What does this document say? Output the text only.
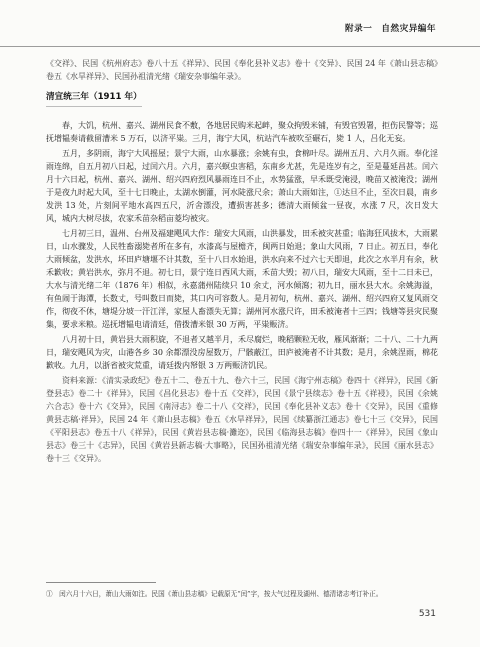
附录一　自然灾异编年

《交祥》、民国《杭州府志》卷八十五《祥异》、民国《奉化县补义志》卷十《交异》、民国 24 年《萧山县志稿》卷五《水旱祥异》、民国孙祖清光绪《瑞安杂事编年录》。

清宣统三年（1911 年）

春，大饥，杭州、嘉兴、湖州民食不敷，各地居民购米起衅，聚众拘毁米铺，有毁官毁署，拒伤民警等；巡抚增韫奏请截留漕米 5 万石，以济平粜。三月，海宁大风，杭站汽车被吹至碾石，毙 1 人，吕化无妄。

五月，多阴雨，海宁大风摇屋；景宁大雨，山水暴涨；余姚有虫，食棉叶尽。湖州五月、六月久雨。奉化淫雨连绵，自五月初八日起，过闰六月。六月，嘉兴螟虫害稻，东南乡尤甚，先是连岁有之，至是蔓延昌甚。闰六月十六日起，杭州、嘉兴、湖州、绍兴四府烈风暴雨连日不止，水势猛涨，早禾既受淹浸，晚苗又被淹没；湖州于是夜九时起大风，至十七日晚止，太湖水倒灌，河水陡涨尺余；萧山大雨如注，①达旦不止，至次日晨，南乡发洪 13 处，片刻间平地水高四五尺，沂舍漂没，遭损害甚多；德清大雨倾盆一昼夜，水涨 7 尺，次日发大风，城内大树尽拔，农家禾苗杂稻亩菱均被灾。

七月初三日，温州、台州及福建飓风大作：瑞安大风雨，山洪暴发，田禾被灾甚重；临海狂风拔木，大雨累日，山水骤发，人民牲畜溺毙者所在多有，水漆高与屋檐齐，闽两日始退；象山大风雨，7 日止。初五日，奉化大雨倾盆，发洪水，坏田庐塘堰不计其数，至十八日水始退，洪水向来不过六七天即退，此次之水半月有余，秋禾歉收；黄岩洪水，弥月不退。初七日，景宁连日西风大雨，禾苗大毁；初八日，瑞安大风雨，至十二日未已，大水与清光绪二年（1876 年）相似，永嘉蒲州陆续只 10 余丈，河水倾瀉；初九日，丽水县大水。余姚海溢，有鱼闹于海潭，长数丈，号叫数日而毙，其口内可容数人。是月初旬，杭州、嘉兴、湖州、绍兴四府又复风雨交作，彻夜不休，塘堤分坡一汗江洋，家屋人畜漂失无算；湖州河水涨尺许，田禾被淹者十三四；钱塘等县灾民聚集，要求米粮。巡抚增韫电请清廷，借拨漕米银 30 万两，平粜赈济。

八月初十日，黄岩县大雨积旋，不退者又越半月，禾尽腐烂，晚稻颗粒无收，雁风渐渐；二十八、二十九两日，瑞安飓风为灾，山港各乡 30 余都漂没房屋数万，尸骸蔽江，田庐被淹者不计其数；是月，余姚涅雨，棉花歉收。九月，以浙省被灾荒重，请廷拨内帑银 3 万两赈济饥民。

资料来源：《清实录政纪》卷五十二、卷五十九、卷六十三，民国《海宁州志稿》卷四十《祥异》，民国《新登县志》卷二十《祥异》，民国《昌化县志》卷十五《交祥》，民国《景宁县续志》卷十五《祥祲》，民国《余姚六合志》卷十六《交异》，民国《南浔志》卷二十八《交祥》，民国《奉化县补义志》卷十《交异》，民国《重修黄县志稿·祥异》，民国 24 年《萧山县志稿》卷五《水旱祥异》，民国《续纂浙江通志》卷七十三《交异》，民国《平阳县志》卷五十八《祥异》，民国《黄岩县志稿·灘迩》，民国《临海县志稿》卷四十一《祥异》，民国《象山县志》卷三十《志异》，民国《黄岩县新志稿·大事略》，民国孙祖清光绪《瑞安杂事编年录》，民国《丽水县志》卷十三《交异》。

①　闰六月十六日，萧山大雨如注。民国《萧山县志稿》记载原无“闰”字，按大气过程及湖州、德清诸志考订补正。
531
